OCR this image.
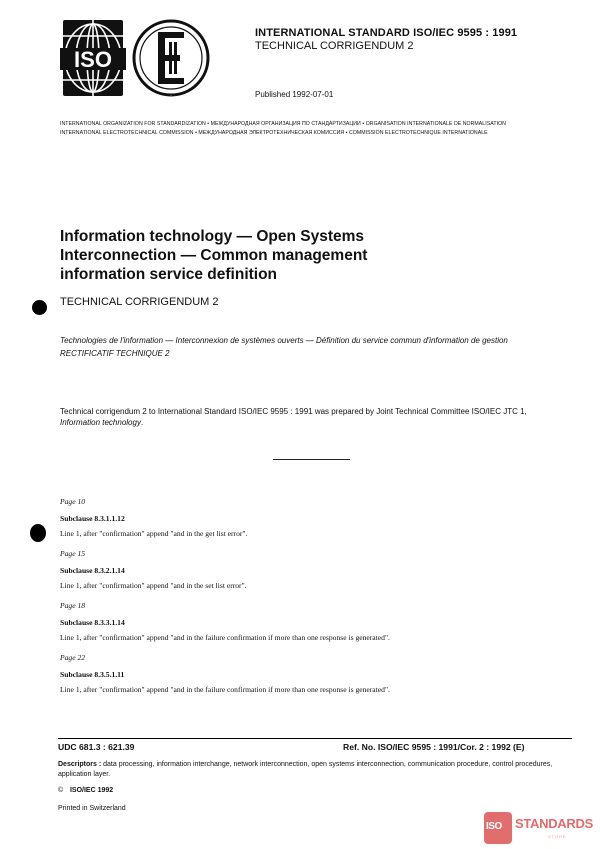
ISO
IEC
INTERNATIONAL STANDARD ISO/IEC 9595 : 1991
TECHNICAL CORRIGENDUM 2
Published 1992-07-01
INTERNATIONAL ORGANIZATION FOR STANDARDIZATION • МЕЖДУНАРОДНАЯ ОРГАНИЗАЦИЯ ПО СТАНДАРТИЗАЦИИ • ORGANISATION INTERNATIONALE DE NORMALISATION
INTERNATIONAL ELECTROTECHNICAL COMMISSION • МЕЖДУНАРОДНАЯ ЭЛЕКТРОТЕХНИЧЕСКАЯ КОМИССИЯ • COMMISSION ELECTROTECHNIQUE INTERNATIONALE
Information technology — Open Systems
Interconnection — Common management
information service definition
TECHNICAL CORRIGENDUM 2
Technologies de l'information — Interconnexion de systèmes ouverts — Définition du service commun d'information de gestion
RECTIFICATIF TECHNIQUE 2
Technical corrigendum 2 to International Standard ISO/IEC 9595 : 1991 was prepared by Joint Technical Committee ISO/IEC JTC 1, Information technology.
Page 10
Subclause 8.3.1.1.12
Line 1, after "confirmation" append "and in the get list error".
Page 15
Subclause 8.3.2.1.14
Line 1, after "confirmation" append "and in the set list error".
Page 18
Subclause 8.3.3.1.14
Line 1, after "confirmation" append "and in the failure confirmation if more than one response is generated".
Page 22
Subclause 8.3.5.1.11
Line 1, after "confirmation" append "and in the failure confirmation if more than one response is generated".
UDC 681.3 : 621.39	Ref. No. ISO/IEC 9595 : 1991/Cor. 2 : 1992 (E)
Descriptors : data processing, information interchange, network interconnection, open systems interconnection, communication procedure, control procedures, application layer.
© ISO/IEC 1992
Printed in Switzerland
ISO STANDARDS
STORE
